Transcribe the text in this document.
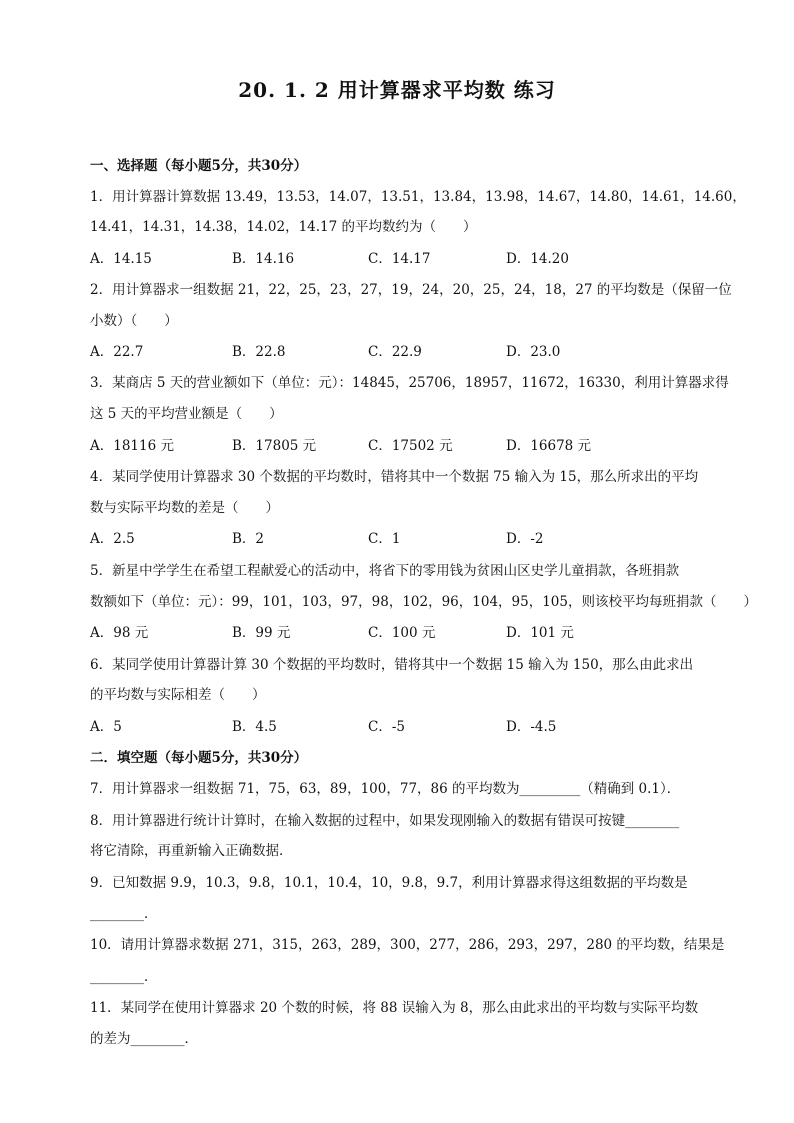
20. 1. 2 用计算器求平均数 练习
一、选择题（每小题5分，共30分）
1．用计算器计算数据 13.49，13.53，14.07，13.51，13.84，13.98，14.67，14.80，14.61，14.60，
14.41，14.31，14.38，14.02，14.17 的平均数约为（　　）
A．14.15	B．14.16	C．14.17	D．14.20
2．用计算器求一组数据 21，22，25，23，27，19，24，20，25，24，18，27 的平均数是（保留一位
小数）（　　）
A．22.7	B．22.8	C．22.9	D．23.0
3．某商店 5 天的营业额如下（单位：元）：14845，25706，18957，11672，16330，利用计算器求得
这 5 天的平均营业额是（　　）
A．18116 元	B．17805 元	C．17502 元	D．16678 元
4．某同学使用计算器求 30 个数据的平均数时，错将其中一个数据 75 输入为 15，那么所求出的平均
数与实际平均数的差是（　　）
A．2.5	B．2	C．1	D．-2
5．新星中学学生在希望工程献爱心的活动中，将省下的零用钱为贫困山区史学儿童捐款，各班捐款
数额如下（单位：元）：99，101，103，97，98，102，96，104，95，105，则该校平均每班捐款（　　）
A．98 元	B．99 元	C．100 元	D．101 元
6．某同学使用计算器计算 30 个数据的平均数时，错将其中一个数据 15 输入为 150，那么由此求出
的平均数与实际相差（　　）
A．5	B．4.5	C．-5	D．-4.5
二．填空题（每小题5分，共30分）
7．用计算器求一组数据 71，75，63，89，100，77，86 的平均数为_________（精确到 0.1）．
8．用计算器进行统计计算时，在输入数据的过程中，如果发现刚输入的数据有错误可按键________
将它清除，再重新输入正确数据．
9．已知数据 9.9，10.3，9.8，10.1，10.4，10，9.8，9.7，利用计算器求得这组数据的平均数是
________．
10．请用计算器求数据 271，315，263，289，300，277，286，293，297，280 的平均数，结果是
________．
11．某同学在使用计算器求 20 个数的时候，将 88 误输入为 8，那么由此求出的平均数与实际平均数
的差为________．
